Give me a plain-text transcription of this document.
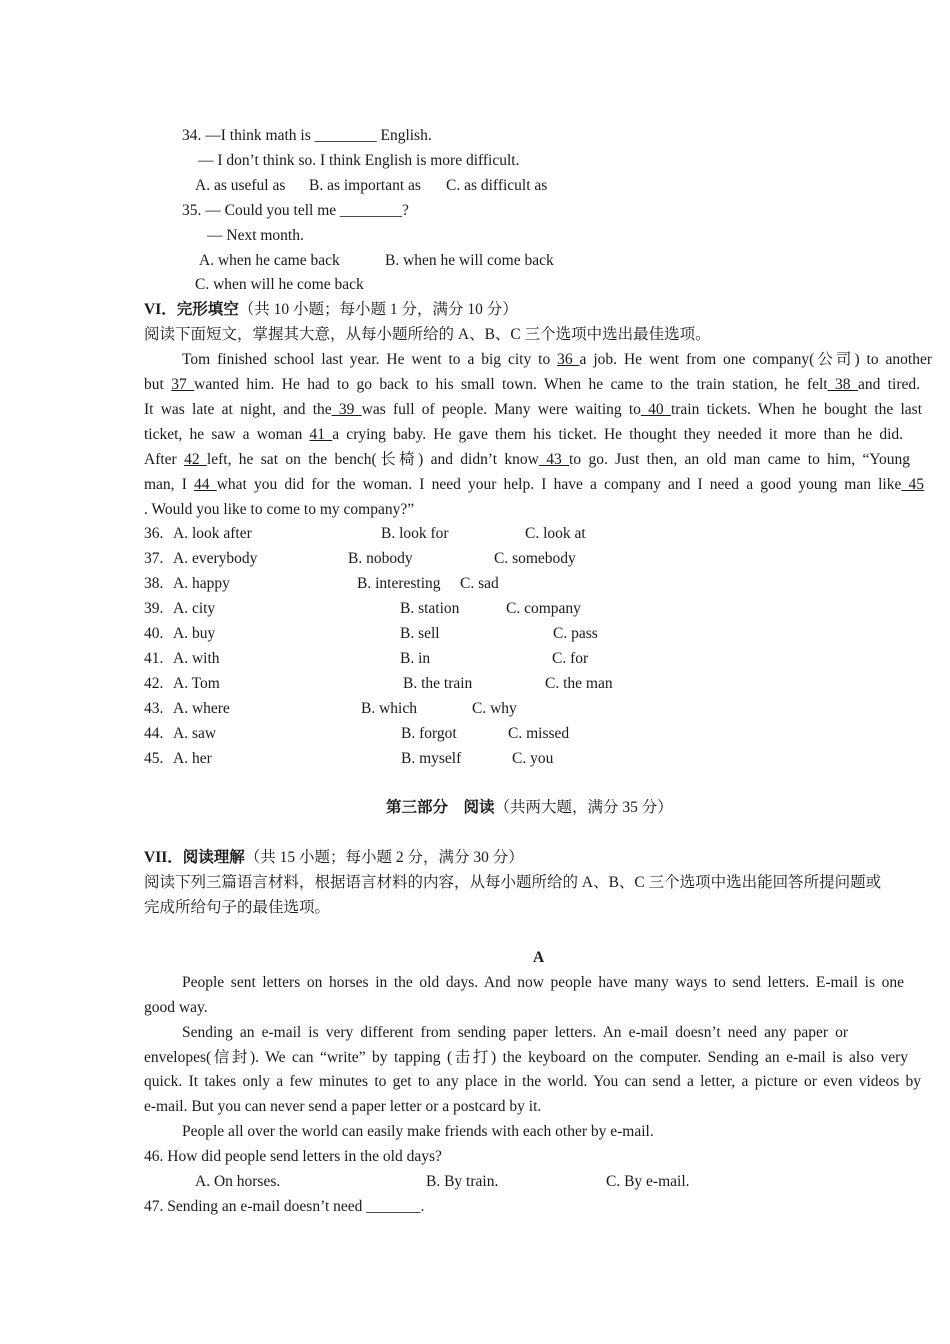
34. —I think math is ________ English.
— I don’t think so. I think English is more difficult.
A. as useful as B. as important as C. as difficult as
35. — Could you tell me ________?
— Next month.
A. when he came back	B. when he will come back
C. when will he come back
VI．完形填空（共 10 小题；每小题 1 分，满分 10 分）
阅读下面短文，掌握其大意，从每小题所给的 A、B、C 三个选项中选出最佳选项。
Tom finished school last year. He went to a big city to 36 a job. He went from one company(公司) to another
but 37 wanted him. He had to go back to his small town. When he came to the train station, he felt 38 and tired.
It was late at night, and the 39 was full of people. Many were waiting to 40 train tickets. When he bought the last
ticket, he saw a woman 41 a crying baby. He gave them his ticket. He thought they needed it more than he did.
After 42 left, he sat on the bench(长椅) and didn’t know 43 to go. Just then, an old man came to him, “Young
man, I 44 what you did for the woman. I need your help. I have a company and I need a good young man like 45
. Would you like to come to my company?”
36. A. look after	B. look for	C. look at
37. A. everybody	B. nobody	C. somebody
38. A. happy	B. interesting C. sad
39. A. city	B. station	C. company
40. A. buy	B. sell	C. pass
41. A. with	B. in	C. for
42. A. Tom	B. the train	C. the man
43. A. where	B. which	C. why
44. A. saw	B. forgot	C. missed
45. A. her	B. myself	C. you
第三部分　阅读（共两大题，满分 35 分）
VII．阅读理解（共 15 小题；每小题 2 分，满分 30 分）
阅读下列三篇语言材料，根据语言材料的内容，从每小题所给的 A、B、C 三个选项中选出能回答所提问题或
完成所给句子的最佳选项。
A
People sent letters on horses in the old days. And now people have many ways to send letters. E-mail is one
good way.
Sending an e-mail is very different from sending paper letters. An e-mail doesn’t need any paper or
envelopes(信封). We can “write” by tapping (击打) the keyboard on the computer. Sending an e-mail is also very
quick. It takes only a few minutes to get to any place in the world. You can send a letter, a picture or even videos by
e-mail. But you can never send a paper letter or a postcard by it.
People all over the world can easily make friends with each other by e-mail.
46. How did people send letters in the old days?
A. On horses.	B. By train.	C. By e-mail.
47. Sending an e-mail doesn’t need _______.
